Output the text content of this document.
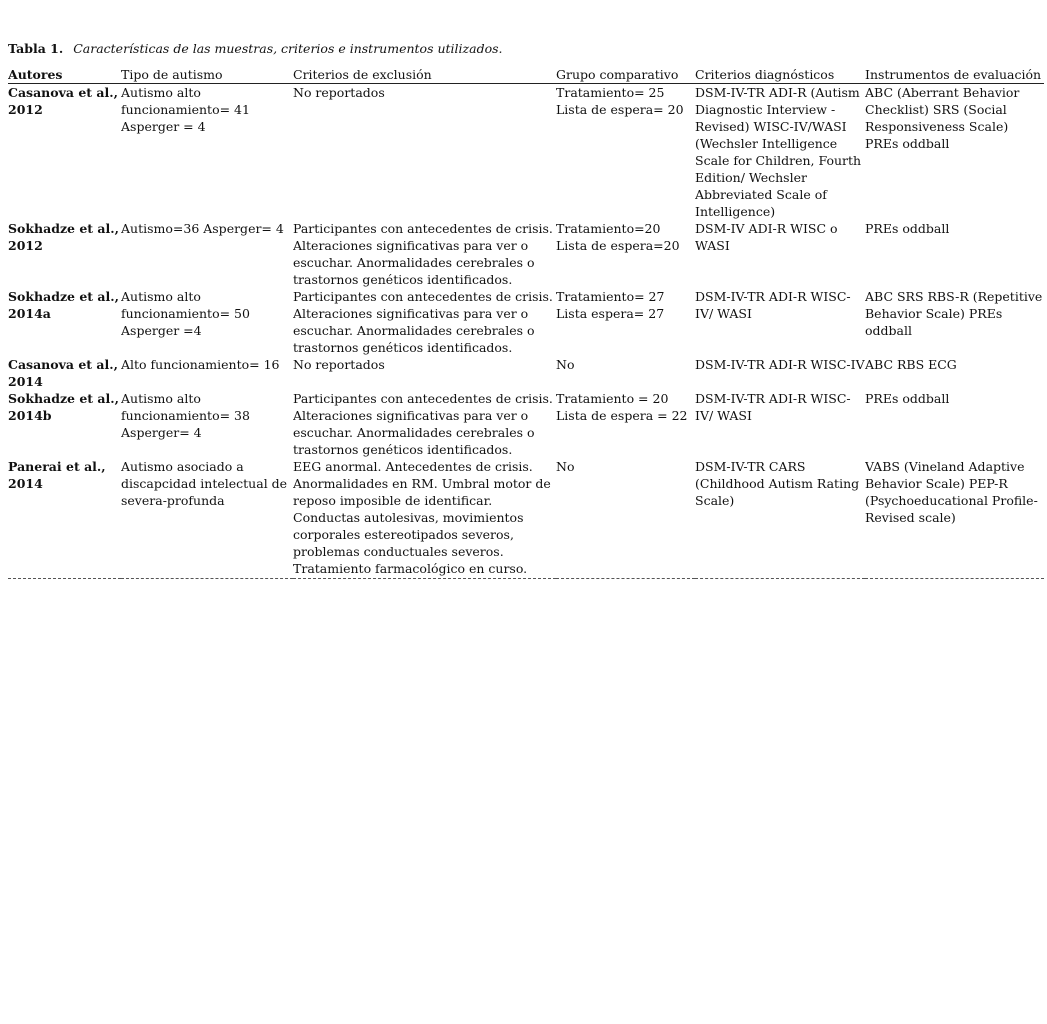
Tabla 1. Características de las muestras, criterios e instrumentos utilizados.
Autores	Tipo de autismo	Criterios de exclusión	Grupo comparativo	Criterios diagnósticos	Instrumentos de evaluación
Casanova et al., 2012	Autismo alto funcionamiento= 41 Asperger = 4	No reportados	Tratamiento= 25 Lista de espera= 20	DSM-IV-TR ADI-R (Autism Diagnostic Interview - Revised) WISC-IV/WASI (Wechsler Intelligence Scale for Children, Fourth Edition/ Wechsler Abbreviated Scale of Intelligence)	ABC (Aberrant Behavior Checklist) SRS (Social Responsiveness Scale) PREs oddball
Sokhadze et al., 2012	Autismo=36 Asperger= 4	Participantes con antecedentes de crisis. Alteraciones significativas para ver o escuchar. Anormalidades cerebrales o trastornos genéticos identificados.	Tratamiento=20 Lista de espera=20	DSM-IV ADI-R WISC o WASI	PREs oddball
Sokhadze et al., 2014a	Autismo alto funcionamiento= 50 Asperger =4	Participantes con antecedentes de crisis. Alteraciones significativas para ver o escuchar. Anormalidades cerebrales o trastornos genéticos identificados.	Tratamiento= 27 Lista espera= 27	DSM-IV-TR ADI-R WISC-IV/ WASI	ABC SRS RBS-R (Repetitive Behavior Scale) PREs oddball
Casanova et al., 2014	Alto funcionamiento= 16	No reportados	No	DSM-IV-TR ADI-R WISC-IV	ABC RBS ECG
Sokhadze et al., 2014b	Autismo alto funcionamiento= 38 Asperger= 4	Participantes con antecedentes de crisis. Alteraciones significativas para ver o escuchar. Anormalidades cerebrales o trastornos genéticos identificados.	Tratamiento = 20 Lista de espera = 22	DSM-IV-TR ADI-R WISC-IV/ WASI	PREs oddball
Panerai et al., 2014	Autismo asociado a discapcidad intelectual de severa-profunda	EEG anormal. Antecedentes de crisis. Anormalidades en RM. Umbral motor de reposo imposible de identificar. Conductas autolesivas, movimientos corporales estereotipados severos, problemas conductuales severos. Tratamiento farmacológico en curso.	No	DSM-IV-TR CARS (Childhood Autism Rating Scale)	VABS (Vineland Adaptive Behavior Scale) PEP-R (Psychoeducational Profile-Revised scale)
